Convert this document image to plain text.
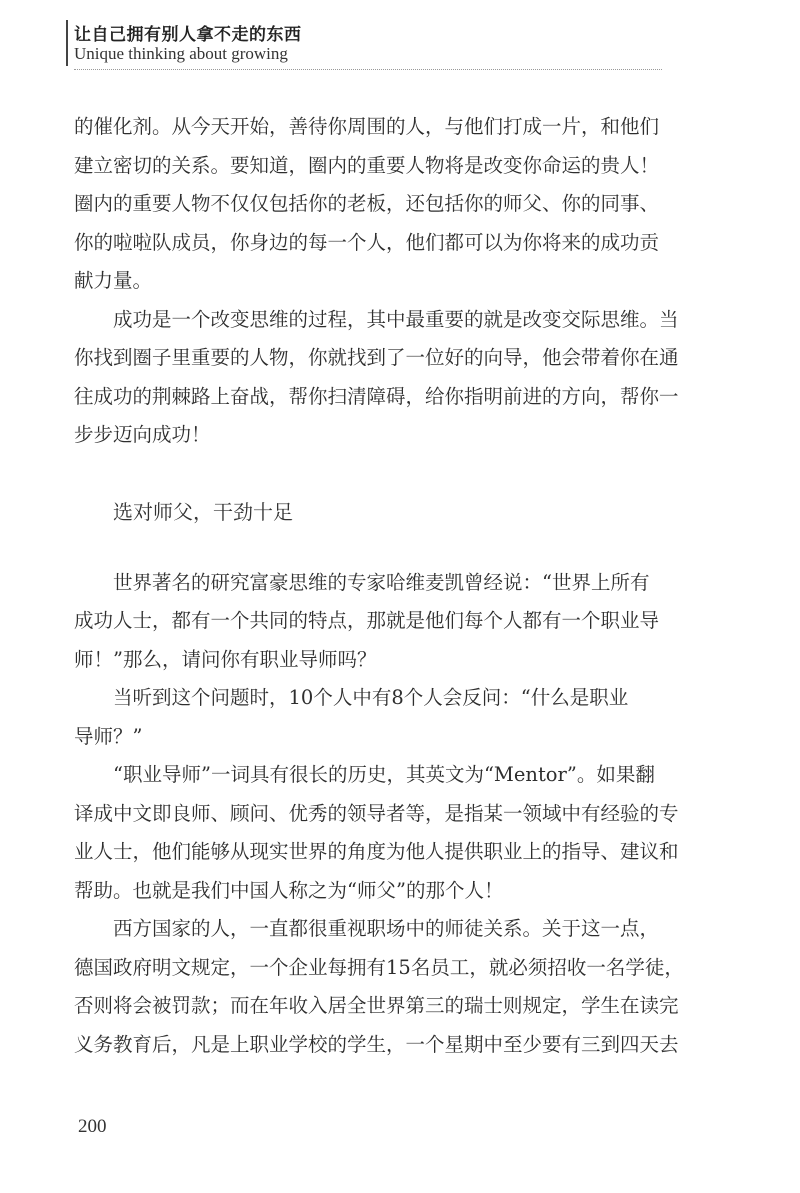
让自己拥有别人拿不走的东西
Unique thinking about growing
的催化剂。从今天开始，善待你周围的人，与他们打成一片，和他们
建立密切的关系。要知道，圈内的重要人物将是改变你命运的贵人！
圈内的重要人物不仅仅包括你的老板，还包括你的师父、你的同事、
你的啦啦队成员，你身边的每一个人，他们都可以为你将来的成功贡
献力量。
成功是一个改变思维的过程，其中最重要的就是改变交际思维。当
你找到圈子里重要的人物，你就找到了一位好的向导，他会带着你在通
往成功的荆棘路上奋战，帮你扫清障碍，给你指明前进的方向，帮你一
步步迈向成功！
选对师父，干劲十足
世界著名的研究富豪思维的专家哈维麦凯曾经说：“世界上所有
成功人士，都有一个共同的特点，那就是他们每个人都有一个职业导
师！”那么，请问你有职业导师吗？
当听到这个问题时，10个人中有8个人会反问：“什么是职业
导师？”
“职业导师”一词具有很长的历史，其英文为“Mentor”。如果翻
译成中文即良师、顾问、优秀的领导者等，是指某一领域中有经验的专
业人士，他们能够从现实世界的角度为他人提供职业上的指导、建议和
帮助。也就是我们中国人称之为“师父”的那个人！
西方国家的人，一直都很重视职场中的师徒关系。关于这一点，
德国政府明文规定，一个企业每拥有15名员工，就必须招收一名学徒，
否则将会被罚款；而在年收入居全世界第三的瑞士则规定，学生在读完
义务教育后，凡是上职业学校的学生，一个星期中至少要有三到四天去
200
